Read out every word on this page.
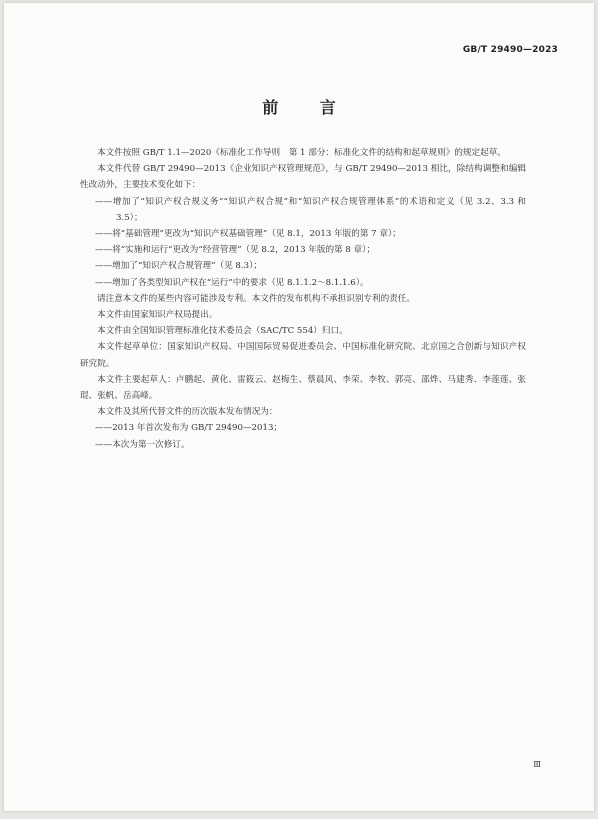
GB/T 29490—2023
前 言

本文件按照 GB/T 1.1—2020《标准化工作导则　第 1 部分：标准化文件的结构和起草规则》的规定起草。

本文件代替 GB/T 29490—2013《企业知识产权管理规范》，与 GB/T 29490—2013 相比，除结构调整和编辑性改动外，主要技术变化如下：

——增加了“知识产权合规义务”“知识产权合规”和“知识产权合规管理体系”的术语和定义（见 3.2、3.3 和 3.5）；

——将“基础管理”更改为“知识产权基础管理”（见 8.1，2013 年版的第 7 章）；

——将“实施和运行”更改为“经营管理”（见 8.2，2013 年版的第 8 章）；

——增加了“知识产权合规管理”（见 8.3）；

——增加了各类型知识产权在“运行”中的要求（见 8.1.1.2～8.1.1.6）。

请注意本文件的某些内容可能涉及专利。本文件的发布机构不承担识别专利的责任。

本文件由国家知识产权局提出。

本文件由全国知识管理标准化技术委员会（SAC/TC 554）归口。

本文件起草单位：国家知识产权局、中国国际贸易促进委员会、中国标准化研究院、北京国之合创新与知识产权研究院。

本文件主要起草人：卢鹏起、黄化、雷筱云、赵梅生、蔡晨风、李荣、李牧、郭亮、邵烨、马建秀、李莲莲、张琨、张帆、岳高峰。

本文件及其所代替文件的历次版本发布情况为：

——2013 年首次发布为 GB/T 29490—2013；

——本次为第一次修订。

Ⅲ
